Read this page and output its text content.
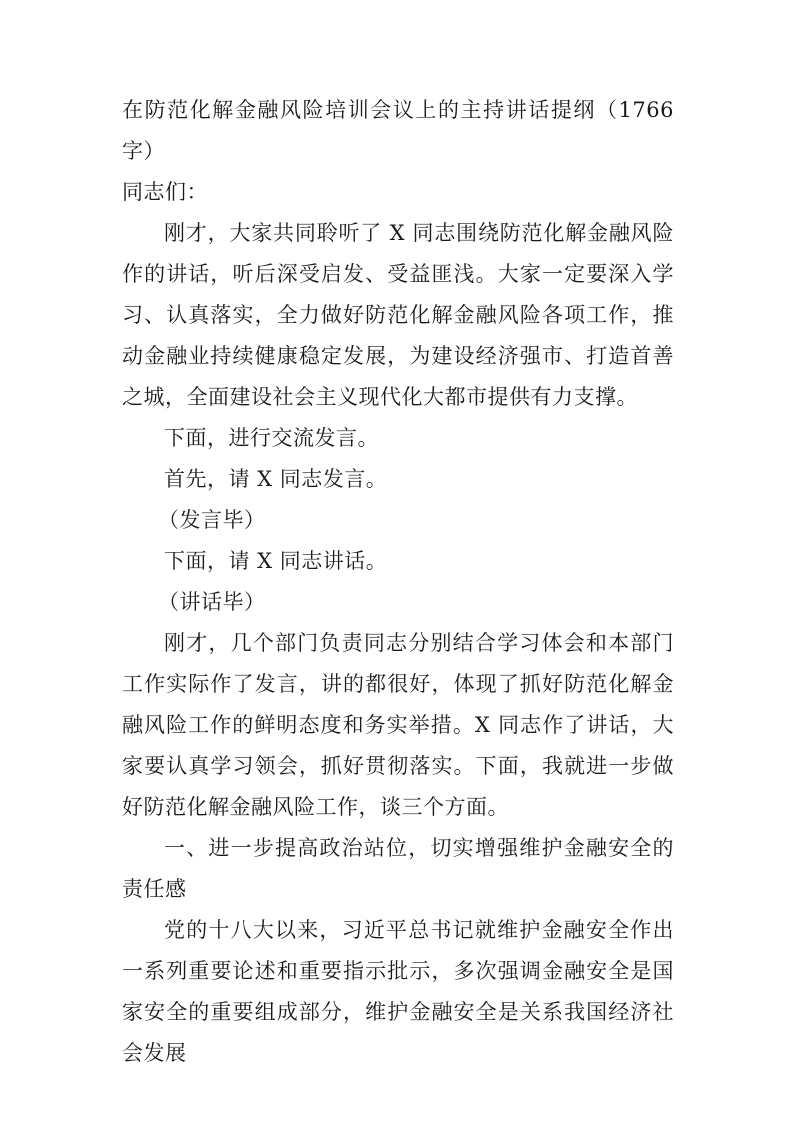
在防范化解金融风险培训会议上的主持讲话提纲（1766 字）

同志们：

刚才，大家共同聆听了 X 同志围绕防范化解金融风险作的讲话，听后深受启发、受益匪浅。大家一定要深入学习、认真落实，全力做好防范化解金融风险各项工作，推动金融业持续健康稳定发展，为建设经济强市、打造首善之城，全面建设社会主义现代化大都市提供有力支撑。

下面，进行交流发言。

首先，请 X 同志发言。

（发言毕）

下面，请 X 同志讲话。

（讲话毕）

刚才，几个部门负责同志分别结合学习体会和本部门工作实际作了发言，讲的都很好，体现了抓好防范化解金融风险工作的鲜明态度和务实举措。X 同志作了讲话，大家要认真学习领会，抓好贯彻落实。下面，我就进一步做好防范化解金融风险工作，谈三个方面。

一、进一步提高政治站位，切实增强维护金融安全的责任感

党的十八大以来，习近平总书记就维护金融安全作出一系列重要论述和重要指示批示，多次强调金融安全是国家安全的重要组成部分，维护金融安全是关系我国经济社会发展
